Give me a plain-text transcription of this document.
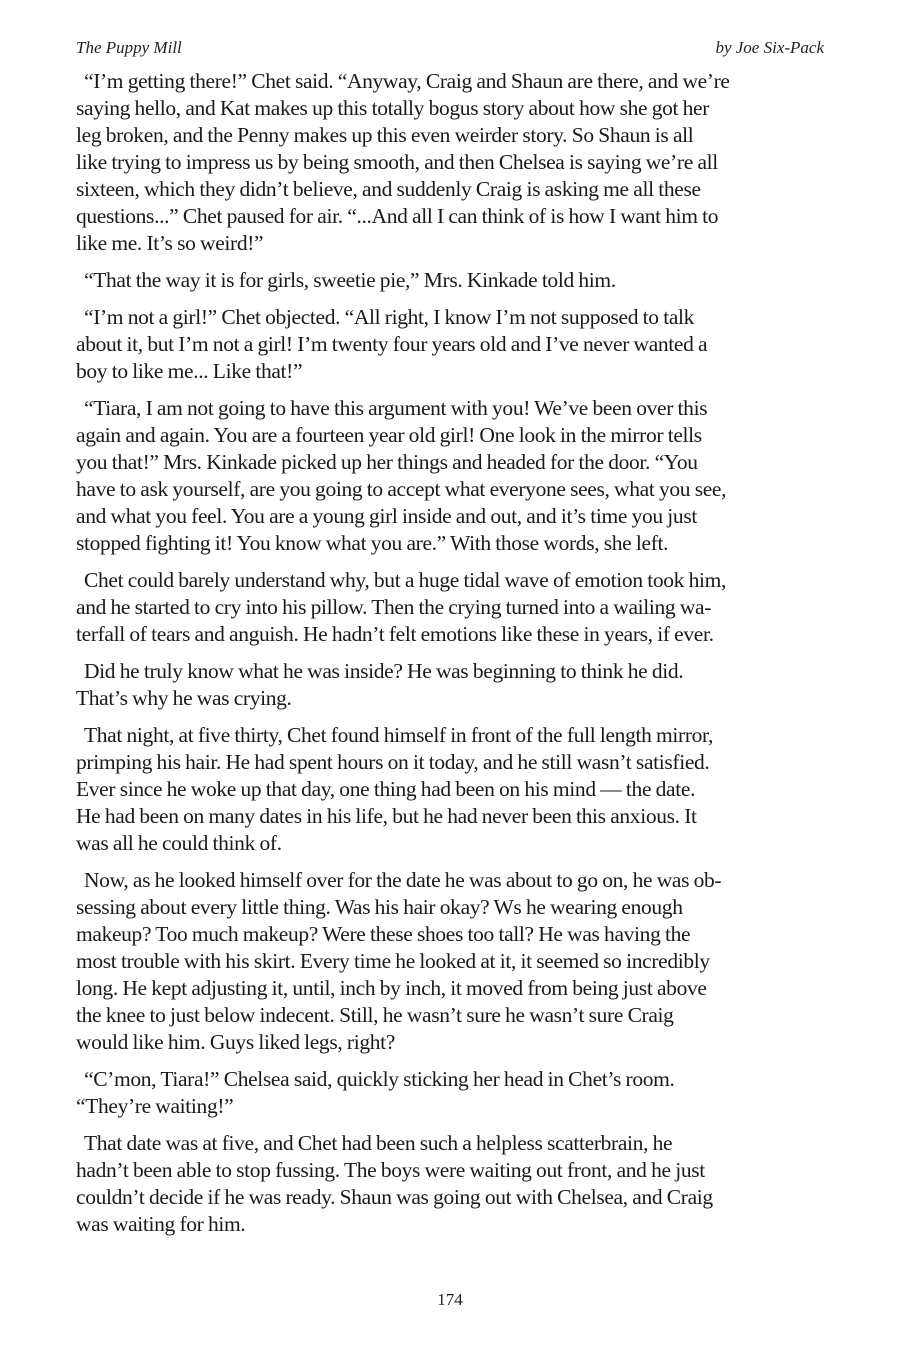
The Puppy Mill	by Joe Six-Pack

“I’m getting there!” Chet said. “Anyway, Craig and Shaun are there, and we’re
saying hello, and Kat makes up this totally bogus story about how she got her
leg broken, and the Penny makes up this even weirder story. So Shaun is all
like trying to impress us by being smooth, and then Chelsea is saying we’re all
sixteen, which they didn’t believe, and suddenly Craig is asking me all these
questions...” Chet paused for air. “...And all I can think of is how I want him to
like me. It’s so weird!”

“That the way it is for girls, sweetie pie,” Mrs. Kinkade told him.

“I’m not a girl!” Chet objected. “All right, I know I’m not supposed to talk
about it, but I’m not a girl! I’m twenty four years old and I’ve never wanted a
boy to like me... Like that!”

“Tiara, I am not going to have this argument with you! We’ve been over this
again and again. You are a fourteen year old girl! One look in the mirror tells
you that!” Mrs. Kinkade picked up her things and headed for the door. “You
have to ask yourself, are you going to accept what everyone sees, what you see,
and what you feel. You are a young girl inside and out, and it’s time you just
stopped fighting it! You know what you are.” With those words, she left.

Chet could barely understand why, but a huge tidal wave of emotion took him,
and he started to cry into his pillow. Then the crying turned into a wailing wa-
terfall of tears and anguish. He hadn’t felt emotions like these in years, if ever.

Did he truly know what he was inside? He was beginning to think he did.
That’s why he was crying.

That night, at five thirty, Chet found himself in front of the full length mirror,
primping his hair. He had spent hours on it today, and he still wasn’t satisfied.
Ever since he woke up that day, one thing had been on his mind — the date.
He had been on many dates in his life, but he had never been this anxious. It
was all he could think of.

Now, as he looked himself over for the date he was about to go on, he was ob-
sessing about every little thing. Was his hair okay? Ws he wearing enough
makeup? Too much makeup? Were these shoes too tall? He was having the
most trouble with his skirt. Every time he looked at it, it seemed so incredibly
long. He kept adjusting it, until, inch by inch, it moved from being just above
the knee to just below indecent. Still, he wasn’t sure he wasn’t sure Craig
would like him. Guys liked legs, right?

“C’mon, Tiara!” Chelsea said, quickly sticking her head in Chet’s room.
“They’re waiting!”

That date was at five, and Chet had been such a helpless scatterbrain, he
hadn’t been able to stop fussing. The boys were waiting out front, and he just
couldn’t decide if he was ready. Shaun was going out with Chelsea, and Craig
was waiting for him.

174
